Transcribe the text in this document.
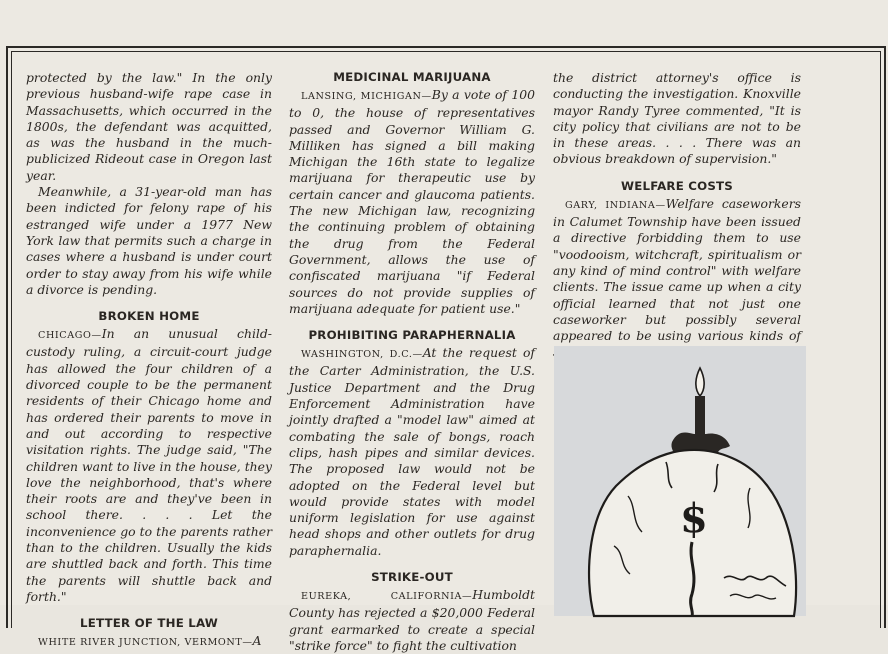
protected by the law." In the only previous husband-wife rape case in Massachusetts, which occurred in the 1800s, the defendant was acquitted, as was the husband in the much-publicized Rideout case in Oregon last year.

Meanwhile, a 31-year-old man has been indicted for felony rape of his estranged wife under a 1977 New York law that permits such a charge in cases where a husband is under court order to stay away from his wife while a divorce is pending.

BROKEN HOME

CHICAGO—In an unusual child-custody ruling, a circuit-court judge has allowed the four children of a divorced couple to be the permanent residents of their Chicago home and has ordered their parents to move in and out according to respective visitation rights. The judge said, "The children want to live in the house, they love the neighborhood, that's where their roots are and they've been in school there. . . . Let the inconvenience go to the parents rather than to the children. Usually the kids are shuttled back and forth. This time the parents will shuttle back and forth."

LETTER OF THE LAW

WHITE RIVER JUNCTION, VERMONT—A

MEDICINAL MARIJUANA

LANSING, MICHIGAN—By a vote of 100 to 0, the house of representatives passed and Governor William G. Milliken has signed a bill making Michigan the 16th state to legalize marijuana for therapeutic use by certain cancer and glaucoma patients. The new Michigan law, recognizing the continuing problem of obtaining the drug from the Federal Government, allows the use of confiscated marijuana "if Federal sources do not provide supplies of marijuana adequate for patient use."

PROHIBITING PARAPHERNALIA

WASHINGTON, D.C.—At the request of the Carter Administration, the U.S. Justice Department and the Drug Enforcement Administration have jointly drafted a "model law" aimed at combating the sale of bongs, roach clips, hash pipes and similar devices. The proposed law would not be adopted on the Federal level but would provide states with model uniform legislation for use against head shops and other outlets for drug paraphernalia.

STRIKE-OUT

EUREKA, CALIFORNIA—Humboldt County has rejected a $20,000 Federal grant earmarked to create a special "strike force" to fight the cultivation

the district attorney's office is conducting the investigation. Knoxville mayor Randy Tyree commented, "It is city policy that civilians are not to be in these areas. . . . There was an obvious breakdown of supervision."

WELFARE COSTS

GARY, INDIANA—Welfare caseworkers in Calumet Township have been issued a directive forbidding them to use "voodooism, witchcraft, spiritualism or any kind of mind control" with welfare clients. The issue came up when a city official learned that not just one caseworker but possibly several appeared to be using various kinds of

$
